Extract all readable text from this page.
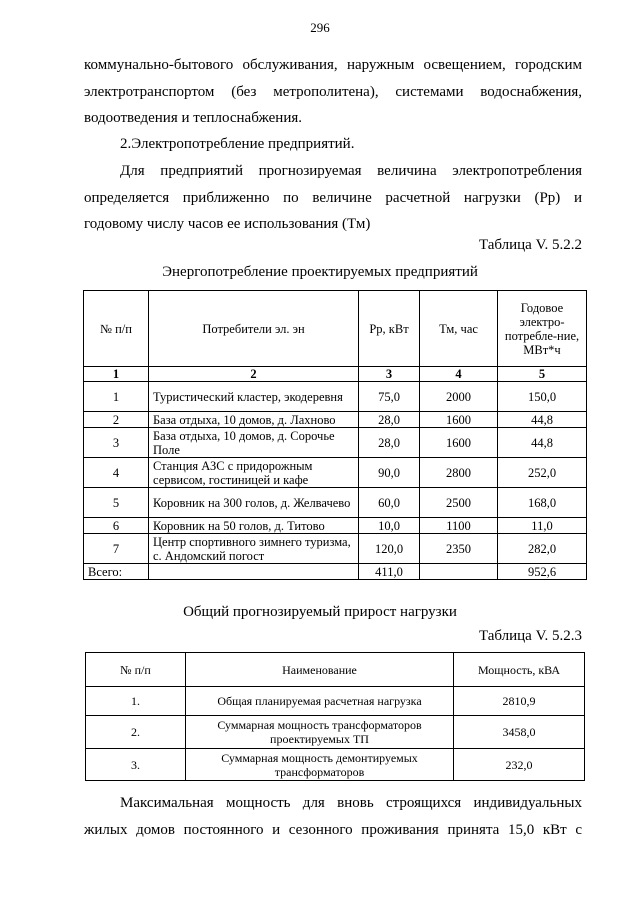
296
коммунально-бытового обслуживания, наружным освещением, городским
электротранспортом (без метрополитена), системами водоснабжения,
водоотведения и теплоснабжения.
2.Электропотребление предприятий.
Для предприятий прогнозируемая величина электропотребления
определяется приближенно по величине расчетной нагрузки (Рр) и
годовому числу часов ее использования (Тм)
Таблица V. 5.2.2
Энергопотребление проектируемых предприятий
№ п/п	Потребители эл. эн	Рр, кВт	Тм, час	Годовое электро-потребле-ние, МВт*ч
1	2	3	4	5
1	Туристический кластер, экодеревня	75,0	2000	150,0
2	База отдыха, 10 домов, д. Лахново	28,0	1600	44,8
3	База отдыха, 10 домов, д. Сорочье Поле	28,0	1600	44,8
4	Станция АЗС с придорожным сервисом, гостиницей и кафе	90,0	2800	252,0
5	Коровник на 300 голов, д. Желвачево	60,0	2500	168,0
6	Коровник на 50 голов, д. Титово	10,0	1100	11,0
7	Центр спортивного зимнего туризма, с. Андомский погост	120,0	2350	282,0
Всего:		411,0		952,6
Общий прогнозируемый прирост нагрузки
Таблица V. 5.2.3
№ п/п	Наименование	Мощность, кВА
1.	Общая планируемая расчетная нагрузка	2810,9
2.	Суммарная мощность трансформаторов проектируемых ТП	3458,0
3.	Суммарная мощность демонтируемых трансформаторов	232,0
Максимальная мощность для вновь строящихся индивидуальных
жилых домов постоянного и сезонного проживания принята 15,0 кВт с
